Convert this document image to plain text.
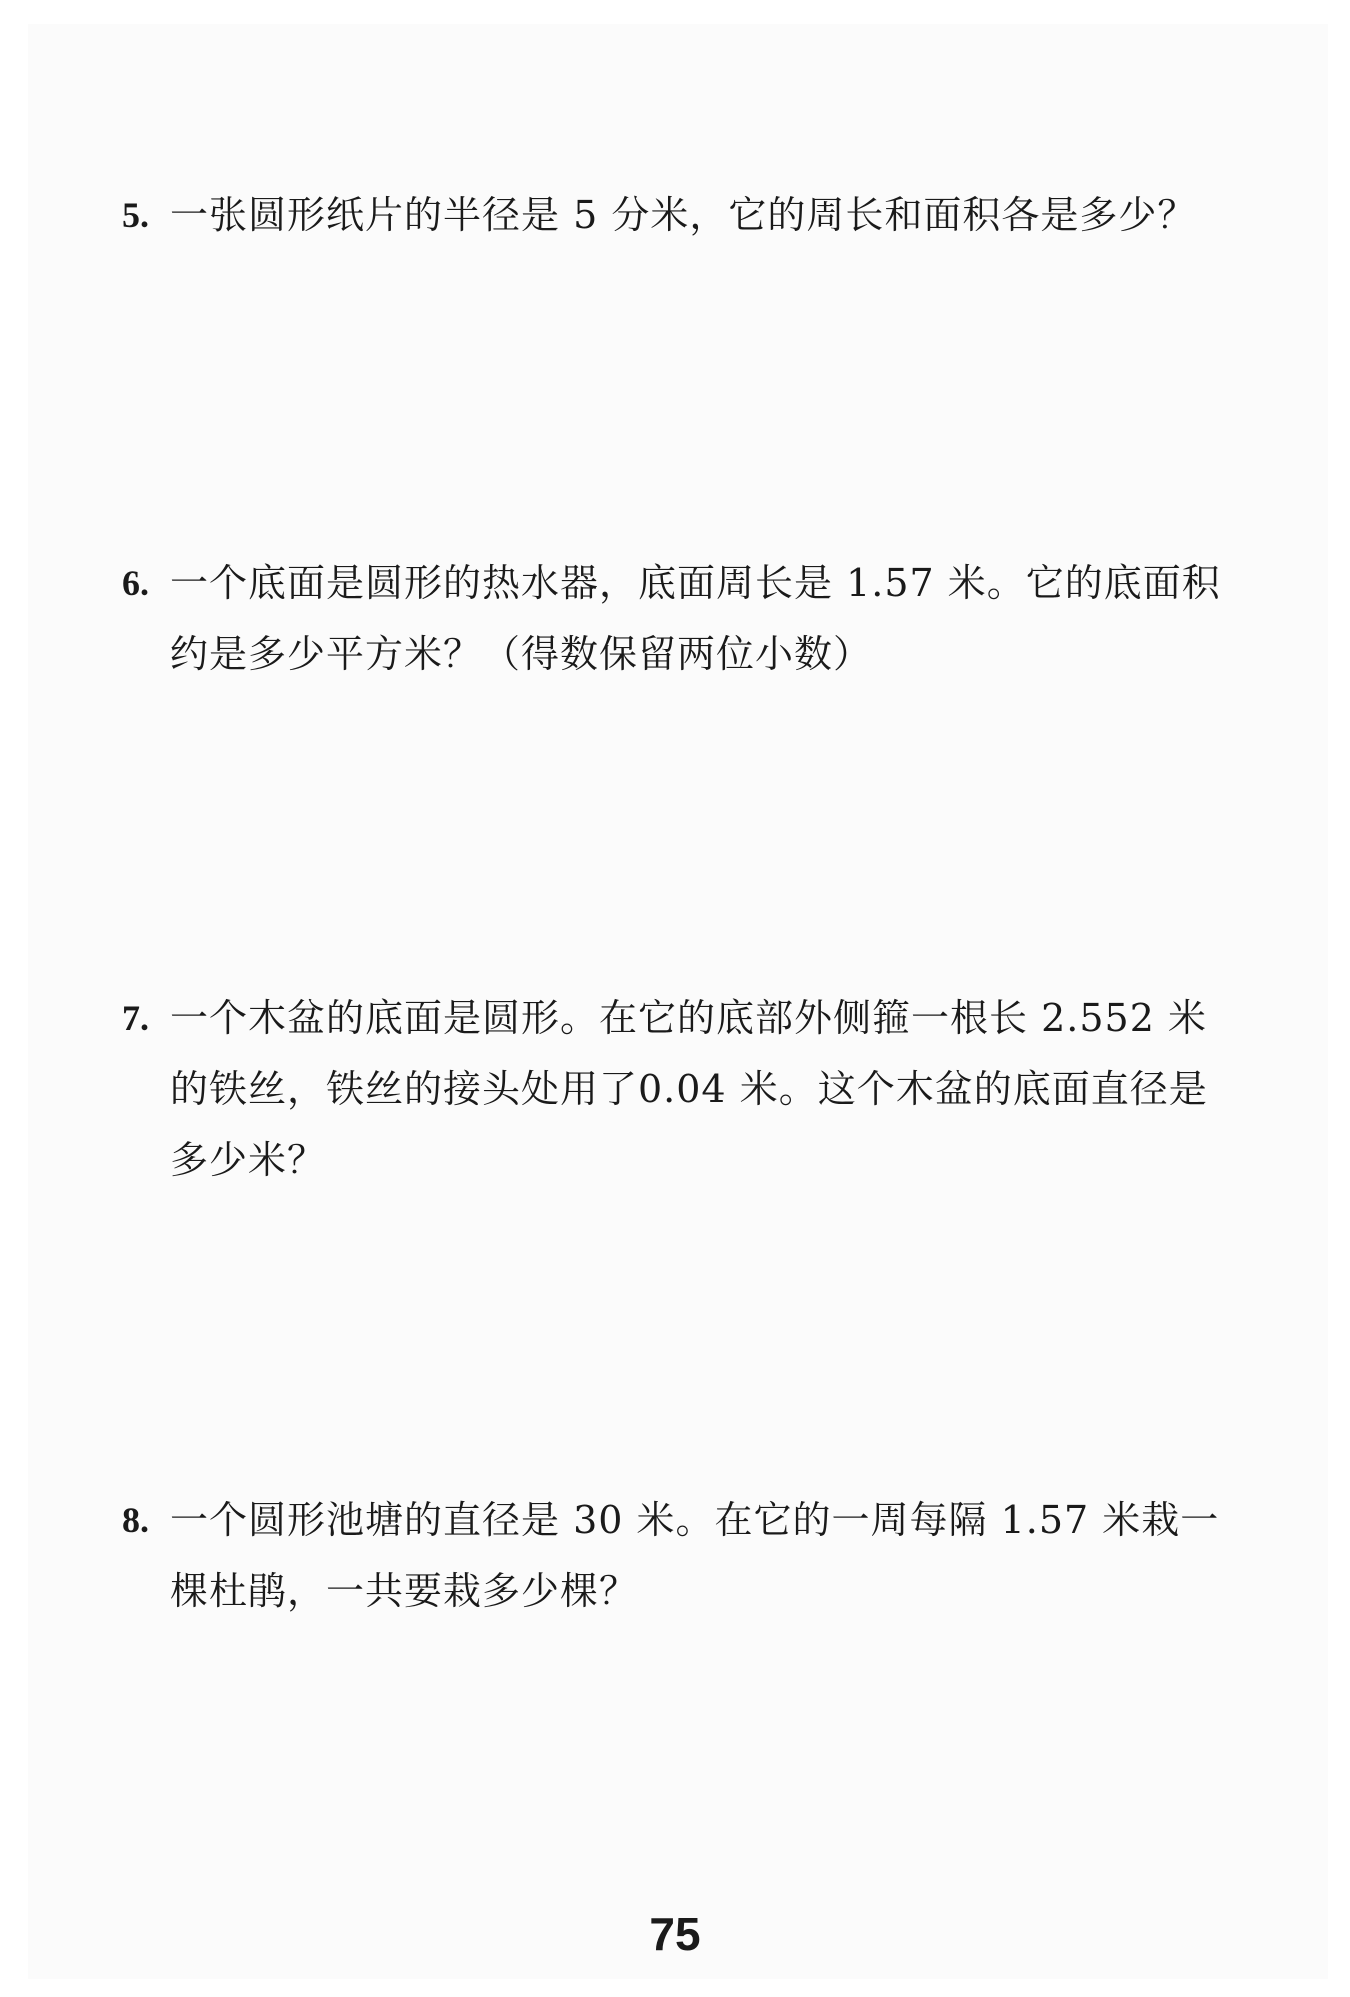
5. 一张圆形纸片的半径是 5 分米，它的周长和面积各是多少？
6. 一个底面是圆形的热水器，底面周长是 1.57 米。它的底面积
约是多少平方米？（得数保留两位小数）
7. 一个木盆的底面是圆形。在它的底部外侧箍一根长 2.552 米
的铁丝，铁丝的接头处用了0.04 米。这个木盆的底面直径是
多少米？
8. 一个圆形池塘的直径是 30 米。在它的一周每隔 1.57 米栽一
棵杜鹃，一共要栽多少棵？
75
